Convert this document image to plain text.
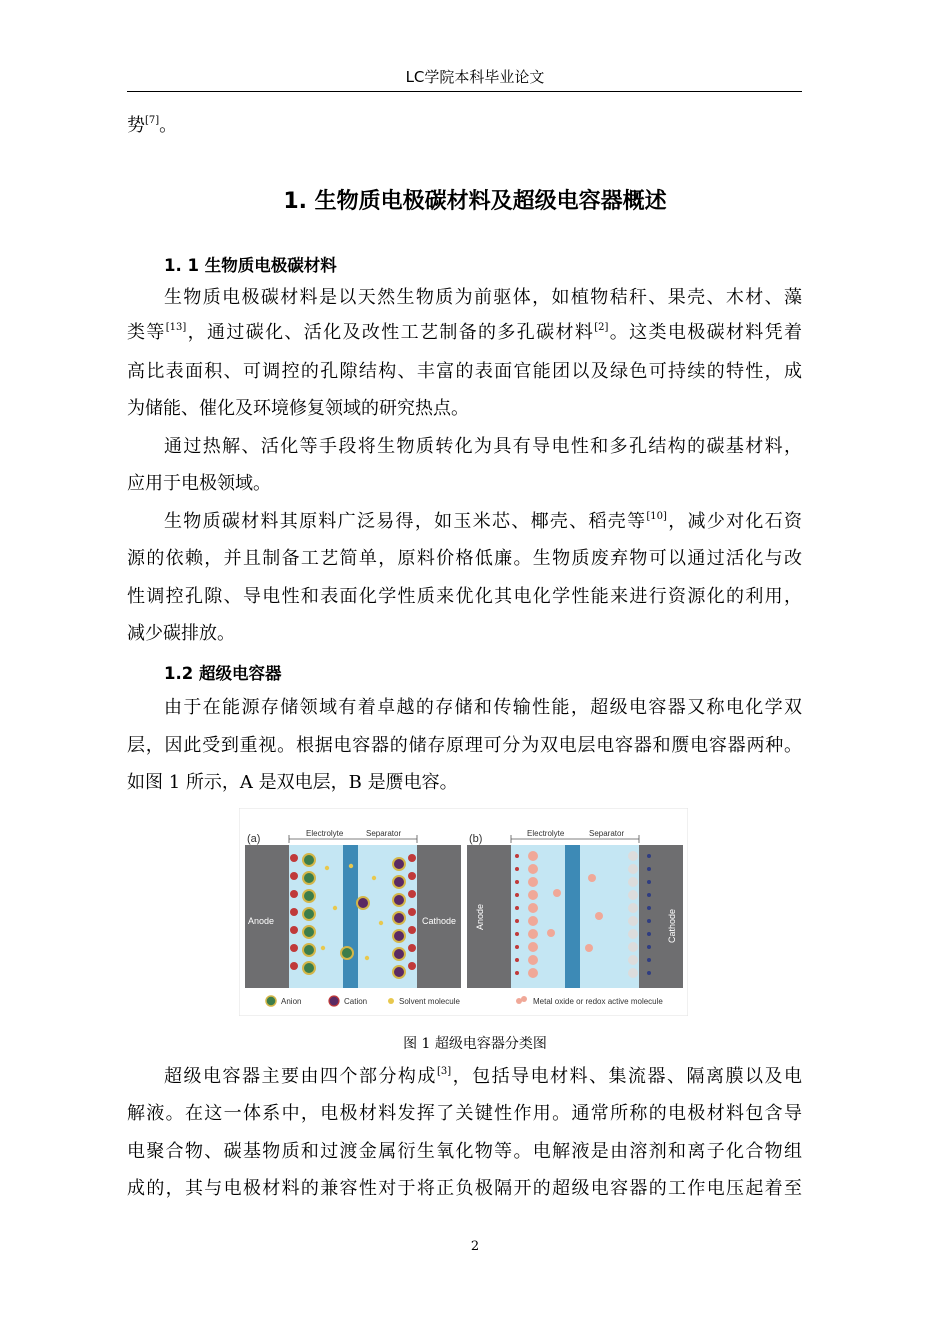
LC学院本科毕业论文
势[7]。
1. 生物质电极碳材料及超级电容器概述
1. 1 生物质电极碳材料
生物质电极碳材料是以天然生物质为前驱体，如植物秸秆、果壳、木材、藻
类等[13]，通过碳化、活化及改性工艺制备的多孔碳材料[2]。这类电极碳材料凭着
高比表面积、可调控的孔隙结构、丰富的表面官能团以及绿色可持续的特性，成
为储能、催化及环境修复领域的研究热点。
通过热解、活化等手段将生物质转化为具有导电性和多孔结构的碳基材料，
应用于电极领域。
生物质碳材料其原料广泛易得，如玉米芯、椰壳、稻壳等[10]，减少对化石资
源的依赖，并且制备工艺简单，原料价格低廉。生物质废弃物可以通过活化与改
性调控孔隙、导电性和表面化学性质来优化其电化学性能来进行资源化的利用，
减少碳排放。
1.2 超级电容器
由于在能源存储领域有着卓越的存储和传输性能，超级电容器又称电化学双
层，因此受到重视。根据电容器的储存原理可分为双电层电容器和赝电容器两种。
如图 1 所示，A 是双电层，B 是赝电容。
(a)	(b)
Electrolyte	Separator	Electrolyte	Separator
Anode	Cathode Anode	Cathode
Anion	Cation	Solvent molecule	Metal oxide or redox active molecule
图 1 超级电容器分类图
超级电容器主要由四个部分构成[3]，包括导电材料、集流器、隔离膜以及电
解液。在这一体系中，电极材料发挥了关键性作用。通常所称的电极材料包含导
电聚合物、碳基物质和过渡金属衍生氧化物等。电解液是由溶剂和离子化合物组
成的，其与电极材料的兼容性对于将正负极隔开的超级电容器的工作电压起着至
2
